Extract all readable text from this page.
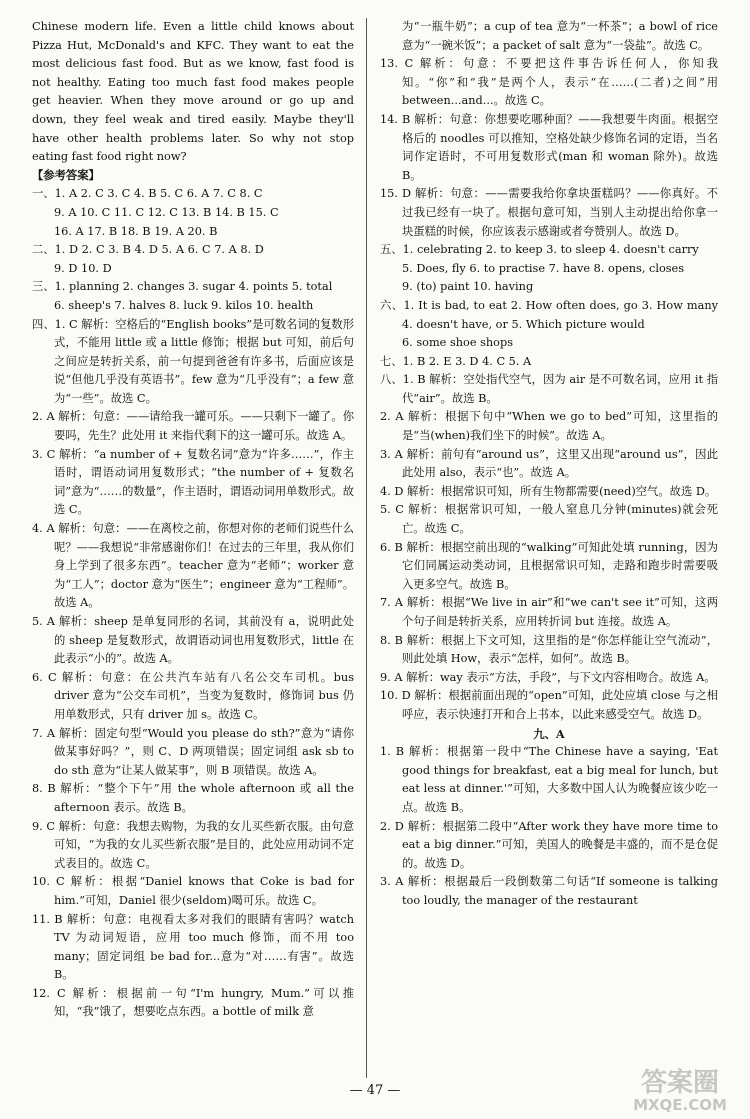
Chinese modern life. Even a little child knows about Pizza Hut, McDonald's and KFC. They want to eat the most delicious fast food. But as we know, fast food is not healthy. Eating too much fast food makes people get heavier. When they move around or go up and down, they feel weak and tired easily. Maybe they'll have other health problems later. So why not stop eating fast food right now?

【参考答案】

一、1. A 2. C 3. C 4. B 5. C 6. A 7. C 8. C

9. A 10. C 11. C 12. C 13. B 14. B 15. C

16. A 17. B 18. B 19. A 20. B

二、1. D 2. C 3. B 4. D 5. A 6. C 7. A 8. D

9. D 10. D

三、1. planning 2. changes 3. sugar 4. points 5. total

6. sheep's 7. halves 8. luck 9. kilos 10. health

四、1. C 解析：空格后的“English books”是可数名词的复数形式，不能用 little 或 a little 修饰；根据 but 可知，前后句之间应是转折关系，前一句提到爸爸有许多书，后面应该是说“但他几乎没有英语书”。few 意为“几乎没有”；a few 意为“一些”。故选 C。

2. A 解析：句意：——请给我一罐可乐。——只剩下一罐了。你要吗，先生？此处用 it 来指代剩下的这一罐可乐。故选 A。

3. C 解析：“a number of + 复数名词”意为“许多……”，作主语时，谓语动词用复数形式；“the number of + 复数名词”意为“……的数量”，作主语时，谓语动词用单数形式。故选 C。

4. A 解析：句意：——在离校之前，你想对你的老师们说些什么呢？——我想说“非常感谢你们！在过去的三年里，我从你们身上学到了很多东西”。teacher 意为“老师”；worker 意为“工人”；doctor 意为“医生”；engineer 意为“工程师”。故选 A。

5. A 解析：sheep 是单复同形的名词，其前没有 a，说明此处的 sheep 是复数形式，故谓语动词也用复数形式，little 在此表示“小的”。故选 A。

6. C 解析：句意：在公共汽车站有八名公交车司机。bus driver 意为“公交车司机”，当变为复数时，修饰词 bus 仍用单数形式，只有 driver 加 s。故选 C。

7. A 解析：固定句型“Would you please do sth?”意为“请你做某事好吗？”，则 C、D 两项错误；固定词组 ask sb to do sth 意为“让某人做某事”，则 B 项错误。故选 A。

8. B 解析：“整个下午”用 the whole afternoon 或 all the afternoon 表示。故选 B。

9. C 解析：句意：我想去购物，为我的女儿买些新衣服。由句意可知，“为我的女儿买些新衣服”是目的，此处应用动词不定式表目的。故选 C。

10. C 解析：根据“Daniel knows that Coke is bad for him.”可知，Daniel 很少(seldom)喝可乐。故选 C。

11. B 解析：句意：电视看太多对我们的眼睛有害吗？watch TV 为动词短语，应用 too much 修饰，而不用 too many；固定词组 be bad for...意为“对……有害”。故选 B。

12. C 解析：根据前一句“I'm hungry, Mum.”可以推知，“我”饿了，想要吃点东西。a bottle of milk 意

为“一瓶牛奶”；a cup of tea 意为“一杯茶”；a bowl of rice 意为“一碗米饭”；a packet of salt 意为“一袋盐”。故选 C。

13. C 解析：句意：不要把这件事告诉任何人，你知我知。“你”和“我”是两个人，表示“在……(二者)之间”用 between...and...。故选 C。

14. B 解析：句意：你想要吃哪种面？——我想要牛肉面。根据空格后的 noodles 可以推知，空格处缺少修饰名词的定语，当名词作定语时，不可用复数形式(man 和 woman 除外)。故选 B。

15. D 解析：句意：——需要我给你拿块蛋糕吗？——你真好。不过我已经有一块了。根据句意可知，当别人主动提出给你拿一块蛋糕的时候，你应该表示感谢或者夸赞别人。故选 D。

五、1. celebrating 2. to keep 3. to sleep 4. doesn't carry

5. Does, fly 6. to practise 7. have 8. opens, closes

9. (to) paint 10. having

六、1. It is bad, to eat 2. How often does, go 3. How many 4. doesn't have, or 5. Which picture would

6. some shoe shops

七、1. B 2. E 3. D 4. C 5. A

八、1. B 解析：空处指代空气，因为 air 是不可数名词，应用 it 指代“air”。故选 B。

2. A 解析：根据下句中“When we go to bed”可知，这里指的是“当(when)我们坐下的时候”。故选 A。

3. A 解析：前句有“around us”，这里又出现“around us”，因此此处用 also，表示“也”。故选 A。

4. D 解析：根据常识可知，所有生物都需要(need)空气。故选 D。

5. C 解析：根据常识可知，一般人窒息几分钟(minutes)就会死亡。故选 C。

6. B 解析：根据空前出现的“walking”可知此处填 running，因为它们同属运动类动词，且根据常识可知，走路和跑步时需要吸入更多空气。故选 B。

7. A 解析：根据“We live in air”和“we can't see it”可知，这两个句子间是转折关系，应用转折词 but 连接。故选 A。

8. B 解析：根据上下文可知，这里指的是“你怎样能让空气流动”，则此处填 How，表示“怎样，如何”。故选 B。

9. A 解析：way 表示“方法，手段”，与下文内容相吻合。故选 A。

10. D 解析：根据前面出现的“open”可知，此处应填 close 与之相呼应，表示快速打开和合上书本，以此来感受空气。故选 D。

九、A

1. B 解析：根据第一段中“The Chinese have a saying, 'Eat good things for breakfast, eat a big meal for lunch, but eat less at dinner.'”可知，大多数中国人认为晚餐应该少吃一点。故选 B。

2. D 解析：根据第二段中“After work they have more time to eat a big dinner.”可知，美国人的晚餐是丰盛的，而不是仓促的。故选 D。

3. A 解析：根据最后一段倒数第二句话“If someone is talking too loudly, the manager of the restaurant

— 47 —	答案圈
MXQE.COM
